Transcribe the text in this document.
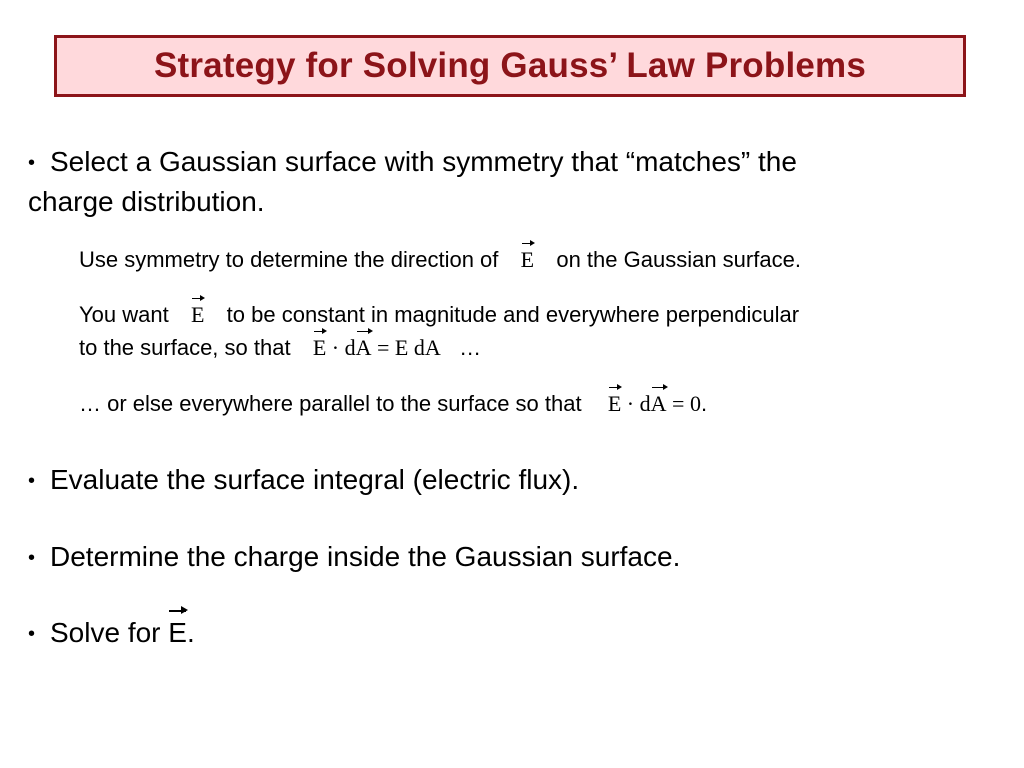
Strategy for Solving Gauss’ Law Problems
• Select a Gaussian surface with symmetry that “matches” the
charge distribution.
Use symmetry to determine the direction of E on the Gaussian surface.
You want E to be constant in magnitude and everywhere perpendicular
to the surface, so that E · dA = E dA …
… or else everywhere parallel to the surface so that E · dA = 0.
• Evaluate the surface integral (electric flux).
• Determine the charge inside the Gaussian surface.
• Solve for E.
